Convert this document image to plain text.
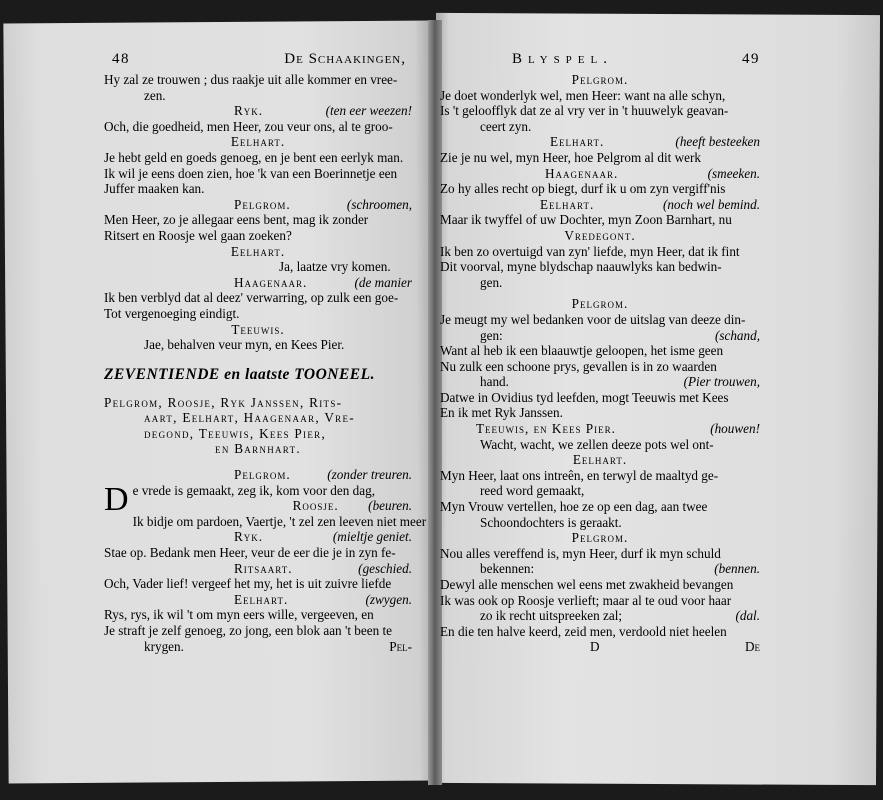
48	De Schaakingen,
Hy zal ze trouwen ; dus raakje uit alle kommer en vree-
zen.
Ryk.	(ten eer weezen!
Och, die goedheid, men Heer, zou veur ons, al te groo-
Eelhart.
Je hebt geld en goeds genoeg, en je bent een eerlyk man.
Ik wil je eens doen zien, hoe 'k van een Boerinnetje een
Juffer maaken kan.
Pelgrom.	(schroomen,
Men Heer, zo je allegaar eens bent, mag ik zonder
Ritsert en Roosje wel gaan zoeken?
Eelhart.
Ja, laatze vry komen.
Haagenaar.	(de manier
Ik ben verblyd dat al deez' verwarring, op zulk een goe-
Tot vergenoeging eindigt.
Teeuwis.
Jae, behalven veur myn, en Kees Pier.
ZEVENTIENDE en laatste TOONEEL.
Pelgrom, Roosje, Ryk Janssen, Rits-
aart, Eelhart, Haagenaar, Vre-
degond, Teeuwis, Kees Pier,
en Barnhart.
Pelgrom.	(zonder treuren.
D e vrede is gemaakt, zeg ik, kom voor den dag,
Roosje. (beuren.
Ik bidje om pardoen, Vaertje, 't zel zen leeven niet meer
Ryk.	(mieltje geniet.
Stae op. Bedank men Heer, veur de eer die je in zyn fe-
Ritsaart.	(geschied.
Och, Vader lief! vergeef het my, het is uit zuivre liefde
Eelhart.	(zwygen.
Rys, rys, ik wil 't om myn eers wille, vergeeven, en
Je straft je zelf genoeg, zo jong, een blok aan 't been te
krygen.	Pel-
Blyspel.	49
Pelgrom.
Je doet wonderlyk wel, men Heer: want na alle schyn,
Is 't geloofflyk dat ze al vry ver in 't huuwelyk geavan-
ceert zyn.
Eelhart.	(heeft besteeken
Zie je nu wel, myn Heer, hoe Pelgrom al dit werk
Haagenaar.	(smeeken.
Zo hy alles recht op biegt, durf ik u om zyn vergiff'nis
Eelhart.	(noch wel bemind.
Maar ik twyffel of uw Dochter, myn Zoon Barnhart, nu
Vredegont.
Ik ben zo overtuigd van zyn' liefde, myn Heer, dat ik fint
Dit voorval, myne blydschap naauwlyks kan bedwin-
gen.
Pelgrom.
Je meugt my wel bedanken voor de uitslag van deeze din-
gen:	(schand,
Want al heb ik een blaauwtje geloopen, het isme geen
Nu zulk een schoone prys, gevallen is in zo waarden
hand.	(Pier trouwen,
Datwe in Ovidius tyd leefden, mogt Teeuwis met Kees
En ik met Ryk Janssen.
Teeuwis, en Kees Pier.	(houwen!
Wacht, wacht, we zellen deeze pots wel ont-
Eelhart.
Myn Heer, laat ons intreên, en terwyl de maaltyd ge-
reed word gemaakt,
Myn Vrouw vertellen, hoe ze op een dag, aan twee
Schoondochters is geraakt.
Pelgrom.
Nou alles vereffend is, myn Heer, durf ik myn schuld
bekennen:	(bennen.
Dewyl alle menschen wel eens met zwakheid bevangen
Ik was ook op Roosje verlieft; maar al te oud voor haar
zo ik recht uitspreeken zal;	(dal.
En die ten halve keerd, zeid men, verdoold niet heelen
D	De
